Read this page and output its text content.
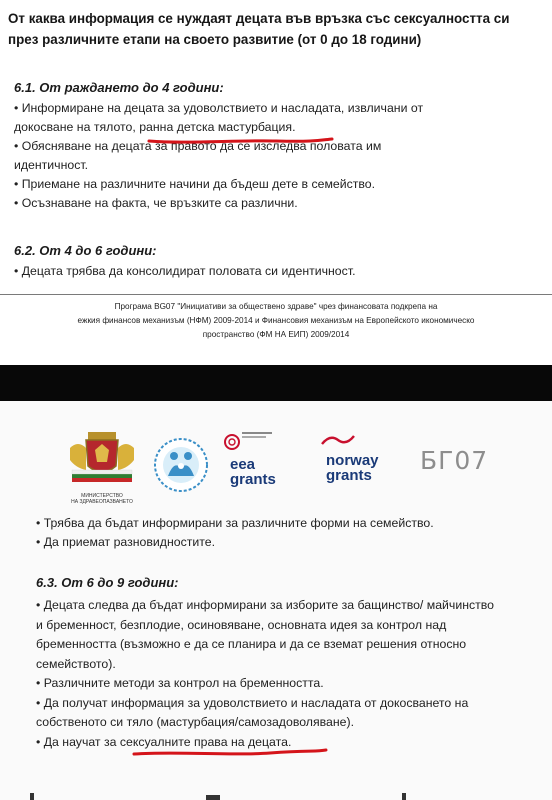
От каква информация се нуждаят децата във връзка със сексуалността си
през различните етапи на своето развитие (от 0 до 18 години)
6.1. От раждането до 4 години:
• Информиране на децата за удоволствието и насладата, извличани от
докосване на тялото, ранна детска мастурбация.
• Обясняване на децата за правото да се изследва половата им
идентичност.
• Приемане на различните начини да бъдеш дете в семейство.
• Осъзнаване на факта, че връзките са различни.
6.2. От 4 до 6 години:
• Децата трябва да консолидират половата си идентичност.
Програма BG07 "Инициативи за обществено здраве" чрез финансовата подкрепа на
ежкия финансов механизъм (НФМ) 2009-2014 и Финансовия механизъм на Европейското икономическо
пространство (ФМ НА ЕИП) 2009/2014
МИНИСТЕРСТВО
НА ЗДРАВЕОПАЗВАНЕТО
eea
grants
norway
grants
БГ07
• Трябва да бъдат информирани за различните форми на семейство.
• Да приемат разновидностите.
6.3. От 6 до 9 години:
• Децата следва да бъдат информирани за изборите за бащинство/ майчинство
и бременност, безплодие, осиновяване, основната идея за контрол над
бременността (възможно е да се планира и да се вземат решения относно
семейството).
• Различните методи за контрол на бременността.
• Да получат информация за удоволствието и насладата от докосването на
собственото си тяло (мастурбация/самозадоволяване).
• Да научат за сексуалните права на децата.
